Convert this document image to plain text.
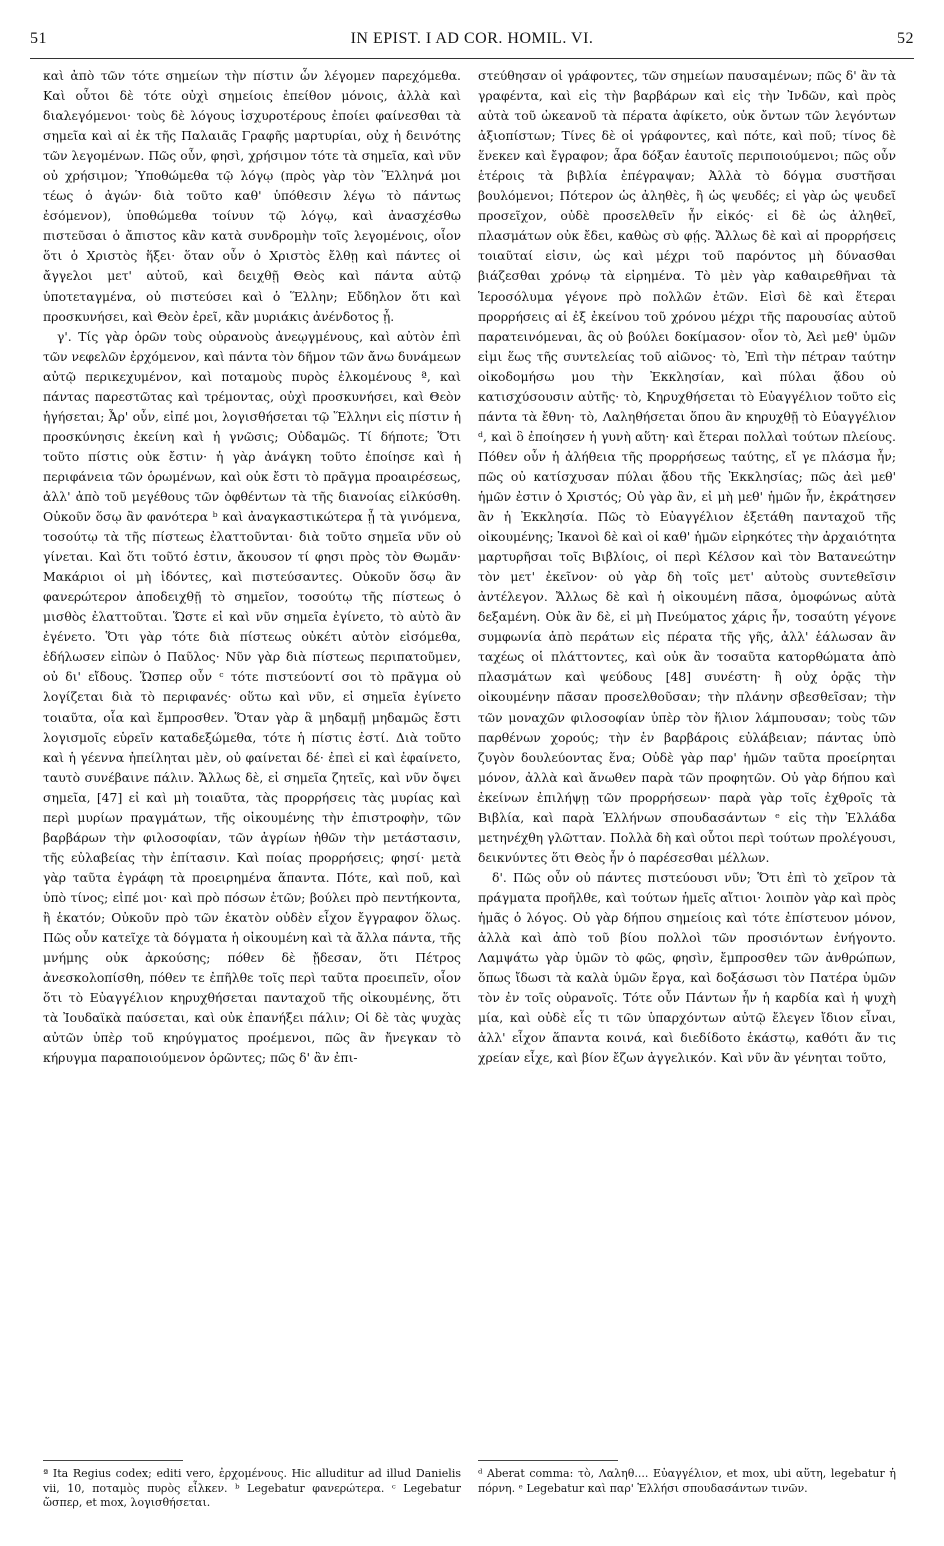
51	IN EPIST. I AD COR. HOMIL. VI.	52

καὶ ἀπὸ τῶν τότε σημείων τὴν πίστιν ὧν λέγομεν παρεχόμεθα. Καὶ οὗτοι δὲ τότε οὐχὶ σημείοις ἐπείθον μόνοις, ἀλλὰ καὶ διαλεγόμενοι· τοὺς δὲ λόγους ἰσχυροτέρους ἐποίει φαίνεσθαι τὰ σημεῖα καὶ αἱ ἐκ τῆς Παλαιᾶς Γραφῆς μαρτυρίαι, οὐχ ἡ δεινότης τῶν λεγομένων. Πῶς οὖν, φησὶ, χρήσιμον τότε τὰ σημεῖα, καὶ νῦν οὐ χρήσιμον; Ὑποθώμεθα τῷ λόγῳ (πρὸς γὰρ τὸν Ἕλληνά μοι τέως ὁ ἀγών· διὰ τοῦτο καθ' ὑπόθεσιν λέγω τὸ πάντως ἐσόμενον), ὑποθώμεθα τοίνυν τῷ λόγῳ, καὶ ἀνασχέσθω πιστεῦσαι ὁ ἄπιστος κἂν κατὰ συνδρομὴν τοῖς λεγομένοις, οἷον ὅτι ὁ Χριστὸς ἥξει· ὅταν οὖν ὁ Χριστὸς ἔλθῃ καὶ πάντες οἱ ἄγγελοι μετ' αὐτοῦ, καὶ δειχθῇ Θεὸς καὶ πάντα αὐτῷ ὑποτεταγμένα, οὐ πιστεύσει καὶ ὁ Ἕλλην; Εὔδηλον ὅτι καὶ προσκυνήσει, καὶ Θεὸν ἐρεῖ, κἂν μυριάκις ἀνένδοτος ᾖ.

γ'. Τίς γὰρ ὁρῶν τοὺς οὐρανοὺς ἀνεῳγμένους, καὶ αὐτὸν ἐπὶ τῶν νεφελῶν ἐρχόμενον, καὶ πάντα τὸν δῆμον τῶν ἄνω δυνάμεων αὐτῷ περικεχυμένον, καὶ ποταμοὺς πυρὸς ἑλκομένους ª, καὶ πάντας παρεστῶτας καὶ τρέμοντας, οὐχὶ προσκυνήσει, καὶ Θεὸν ἡγήσεται; Ἆρ' οὖν, εἰπέ μοι, λογισθήσεται τῷ Ἕλληνι εἰς πίστιν ἡ προσκύνησις ἐκείνη καὶ ἡ γνῶσις; Οὐδαμῶς. Τί δήποτε; Ὅτι τοῦτο πίστις οὐκ ἔστιν· ἡ γὰρ ἀνάγκη τοῦτο ἐποίησε καὶ ἡ περιφάνεια τῶν ὁρωμένων, καὶ οὐκ ἔστι τὸ πρᾶγμα προαιρέσεως, ἀλλ' ἀπὸ τοῦ μεγέθους τῶν ὀφθέντων τὰ τῆς διανοίας εἱλκύσθη. Οὐκοῦν ὅσῳ ἂν φανότερα ᵇ καὶ ἀναγκαστικώτερα ᾖ τὰ γινόμενα, τοσούτῳ τὰ τῆς πίστεως ἐλαττοῦνται· διὰ τοῦτο σημεῖα νῦν οὐ γίνεται. Καὶ ὅτι τοῦτό ἐστιν, ἄκουσον τί φησι πρὸς τὸν Θωμᾶν· Μακάριοι οἱ μὴ ἰδόντες, καὶ πιστεύσαντες. Οὐκοῦν ὅσῳ ἂν φανερώτερον ἀποδειχθῇ τὸ σημεῖον, τοσούτῳ τῆς πίστεως ὁ μισθὸς ἐλαττοῦται. Ὥστε εἰ καὶ νῦν σημεῖα ἐγίνετο, τὸ αὐτὸ ἂν ἐγένετο. Ὅτι γὰρ τότε διὰ πίστεως οὐκέτι αὐτὸν εἰσόμεθα, ἐδήλωσεν εἰπὼν ὁ Παῦλος· Νῦν γὰρ διὰ πίστεως περιπατοῦμεν, οὐ δι' εἴδους. Ὥσπερ οὖν ᶜ τότε πιστεύοντί σοι τὸ πρᾶγμα οὐ λογίζεται διὰ τὸ περιφανές· οὕτω καὶ νῦν, εἰ σημεῖα ἐγίνετο τοιαῦτα, οἷα καὶ ἔμπροσθεν. Ὅταν γὰρ ἃ μηδαμῇ μηδαμῶς ἔστι λογισμοῖς εὑρεῖν καταδεξώμεθα, τότε ἡ πίστις ἐστί. Διὰ τοῦτο καὶ ἡ γέεννα ἠπείληται μὲν, οὐ φαίνεται δέ· ἐπεὶ εἰ καὶ ἐφαίνετο, ταυτὸ συνέβαινε πάλιν. Ἄλλως δὲ, εἰ σημεῖα ζητεῖς, καὶ νῦν ὄψει σημεῖα, [47] εἰ καὶ μὴ τοιαῦτα, τὰς προρρήσεις τὰς μυρίας καὶ περὶ μυρίων πραγμάτων, τῆς οἰκουμένης τὴν ἐπιστροφὴν, τῶν βαρβάρων τὴν φιλοσοφίαν, τῶν ἀγρίων ἠθῶν τὴν μετάστασιν, τῆς εὐλαβείας τὴν ἐπίτασιν. Καὶ ποίας προρρήσεις; φησί· μετὰ γὰρ ταῦτα ἐγράφη τὰ προειρημένα ἅπαντα. Πότε, καὶ ποῦ, καὶ ὑπὸ τίνος; εἰπέ μοι· καὶ πρὸ πόσων ἐτῶν; βούλει πρὸ πεντήκοντα, ἢ ἑκατόν; Οὐκοῦν πρὸ τῶν ἑκατὸν οὐδὲν εἶχον ἔγγραφον ὅλως. Πῶς οὖν κατεῖχε τὰ δόγματα ἡ οἰκουμένη καὶ τὰ ἄλλα πάντα, τῆς μνήμης οὐκ ἀρκούσης; πόθεν δὲ ᾔδεσαν, ὅτι Πέτρος ἀνεσκολοπίσθη, πόθεν τε ἐπῆλθε τοῖς περὶ ταῦτα προειπεῖν, οἷον ὅτι τὸ Εὐαγγέλιον κηρυχθήσεται πανταχοῦ τῆς οἰκουμένης, ὅτι τὰ Ἰουδαϊκὰ παύσεται, καὶ οὐκ ἐπανήξει πάλιν; Οἱ δὲ τὰς ψυχὰς αὐτῶν ὑπὲρ τοῦ κηρύγματος προέμενοι, πῶς ἂν ἤνεγκαν τὸ κήρυγμα παραποιούμενον ὁρῶντες; πῶς δ' ἂν ἐπι-

στεύθησαν οἱ γράφοντες, τῶν σημείων παυσαμένων; πῶς δ' ἂν τὰ γραφέντα, καὶ εἰς τὴν βαρβάρων καὶ εἰς τὴν Ἰνδῶν, καὶ πρὸς αὐτὰ τοῦ ὠκεανοῦ τὰ πέρατα ἀφίκετο, οὐκ ὄντων τῶν λεγόντων ἀξιοπίστων; Τίνες δὲ οἱ γράφοντες, καὶ πότε, καὶ ποῦ; τίνος δὲ ἕνεκεν καὶ ἔγραφον; ἆρα δόξαν ἑαυτοῖς περιποιούμενοι; πῶς οὖν ἑτέροις τὰ βιβλία ἐπέγραψαν; Ἀλλὰ τὸ δόγμα συστῆσαι βουλόμενοι; Πότερον ὡς ἀληθὲς, ἢ ὡς ψευδές; εἰ γὰρ ὡς ψευδεῖ προσεῖχον, οὐδὲ προσελθεῖν ἦν εἰκός· εἰ δὲ ὡς ἀληθεῖ, πλασμάτων οὐκ ἔδει, καθὼς σὺ φῄς. Ἄλλως δὲ καὶ αἱ προρρήσεις τοιαῦταί εἰσιν, ὡς καὶ μέχρι τοῦ παρόντος μὴ δύνασθαι βιάζεσθαι χρόνῳ τὰ εἰρημένα. Τὸ μὲν γὰρ καθαιρεθῆναι τὰ Ἱεροσόλυμα γέγονε πρὸ πολλῶν ἐτῶν. Εἰσὶ δὲ καὶ ἕτεραι προρρήσεις αἱ ἐξ ἐκείνου τοῦ χρόνου μέχρι τῆς παρουσίας αὐτοῦ παρατεινόμεναι, ἃς οὐ βούλει δοκίμασον· οἷον τὸ, Ἀεὶ μεθ' ὑμῶν εἰμι ἕως τῆς συντελείας τοῦ αἰῶνος· τὸ, Ἐπὶ τὴν πέτραν ταύτην οἰκοδομήσω μου τὴν Ἐκκλησίαν, καὶ πύλαι ᾅδου οὐ κατισχύσουσιν αὐτῆς· τὸ, Κηρυχθήσεται τὸ Εὐαγγέλιον τοῦτο εἰς πάντα τὰ ἔθνη· τὸ, Λαληθήσεται ὅπου ἂν κηρυχθῇ τὸ Εὐαγγέλιον ᵈ, καὶ ὃ ἐποίησεν ἡ γυνὴ αὕτη· καὶ ἕτεραι πολλαὶ τούτων πλείους. Πόθεν οὖν ἡ ἀλήθεια τῆς προρρήσεως ταύτης, εἴ γε πλάσμα ἦν; πῶς οὐ κατίσχυσαν πύλαι ᾅδου τῆς Ἐκκλησίας; πῶς ἀεὶ μεθ' ἡμῶν ἐστιν ὁ Χριστός; Οὐ γὰρ ἂν, εἰ μὴ μεθ' ἡμῶν ἦν, ἐκράτησεν ἂν ἡ Ἐκκλησία. Πῶς τὸ Εὐαγγέλιον ἐξετάθη πανταχοῦ τῆς οἰκουμένης; Ἱκανοὶ δὲ καὶ οἱ καθ' ἡμῶν εἰρηκότες τὴν ἀρχαιότητα μαρτυρῆσαι τοῖς Βιβλίοις, οἱ περὶ Κέλσον καὶ τὸν Βατανεώτην τὸν μετ' ἐκεῖνον· οὐ γὰρ δὴ τοῖς μετ' αὐτοὺς συντεθεῖσιν ἀντέλεγον. Ἄλλως δὲ καὶ ἡ οἰκουμένη πᾶσα, ὁμοφώνως αὐτὰ δεξαμένη. Οὐκ ἂν δὲ, εἰ μὴ Πνεύματος χάρις ἦν, τοσαύτη γέγονε συμφωνία ἀπὸ περάτων εἰς πέρατα τῆς γῆς, ἀλλ' ἑάλωσαν ἂν ταχέως οἱ πλάττοντες, καὶ οὐκ ἂν τοσαῦτα κατορθώματα ἀπὸ πλασμάτων καὶ ψεύδους [48] συνέστη· ἢ οὐχ ὁρᾷς τὴν οἰκουμένην πᾶσαν προσελθοῦσαν; τὴν πλάνην σβεσθεῖσαν; τὴν τῶν μοναχῶν φιλοσοφίαν ὑπὲρ τὸν ἥλιον λάμπουσαν; τοὺς τῶν παρθένων χορούς; τὴν ἐν βαρβάροις εὐλάβειαν; πάντας ὑπὸ ζυγὸν δουλεύοντας ἕνα; Οὐδὲ γὰρ παρ' ἡμῶν ταῦτα προείρηται μόνον, ἀλλὰ καὶ ἄνωθεν παρὰ τῶν προφητῶν. Οὐ γὰρ δήπου καὶ ἐκείνων ἐπιλήψῃ τῶν προρρήσεων· παρὰ γὰρ τοῖς ἐχθροῖς τὰ Βιβλία, καὶ παρὰ Ἑλλήνων σπουδασάντων ᵉ εἰς τὴν Ἑλλάδα μετηνέχθη γλῶτταν. Πολλὰ δὴ καὶ οὗτοι περὶ τούτων προλέγουσι, δεικνύντες ὅτι Θεὸς ἦν ὁ παρέσεσθαι μέλλων.

δ'. Πῶς οὖν οὐ πάντες πιστεύουσι νῦν; Ὅτι ἐπὶ τὸ χεῖρον τὰ πράγματα προῆλθε, καὶ τούτων ἡμεῖς αἴτιοι· λοιπὸν γὰρ καὶ πρὸς ἡμᾶς ὁ λόγος. Οὐ γὰρ δήπου σημείοις καὶ τότε ἐπίστευον μόνον, ἀλλὰ καὶ ἀπὸ τοῦ βίου πολλοὶ τῶν προσιόντων ἐνήγοντο. Λαμψάτω γὰρ ὑμῶν τὸ φῶς, φησὶν, ἔμπροσθεν τῶν ἀνθρώπων, ὅπως ἴδωσι τὰ καλὰ ὑμῶν ἔργα, καὶ δοξάσωσι τὸν Πατέρα ὑμῶν τὸν ἐν τοῖς οὐρανοῖς. Τότε οὖν Πάντων ἦν ἡ καρδία καὶ ἡ ψυχὴ μία, καὶ οὐδὲ εἷς τι τῶν ὑπαρχόντων αὐτῷ ἔλεγεν ἴδιον εἶναι, ἀλλ' εἶχον ἅπαντα κοινά, καὶ διεδίδοτο ἑκάστῳ, καθότι ἄν τις χρείαν εἶχε, καὶ βίον ἔζων ἀγγελικόν. Καὶ νῦν ἂν γένηται τοῦτο,

ª Ita Regius codex; editi vero, ἐρχομένους. Hic alluditur ad illud Danielis vii, 10, ποταμὸς πυρὸς εἷλκεν. ᵇ Legebatur φανερώτερα. ᶜ Legebatur ὥσπερ, et mox, λογισθήσεται.
ᵈ Aberat comma: τὸ, Λαληθ.... Εὐαγγέλιον, et mox, ubi αὕτη, legebatur ἡ πόρνη. ᵉ Legebatur καὶ παρ' Ἑλλήσι σπουδασάντων τινῶν.
